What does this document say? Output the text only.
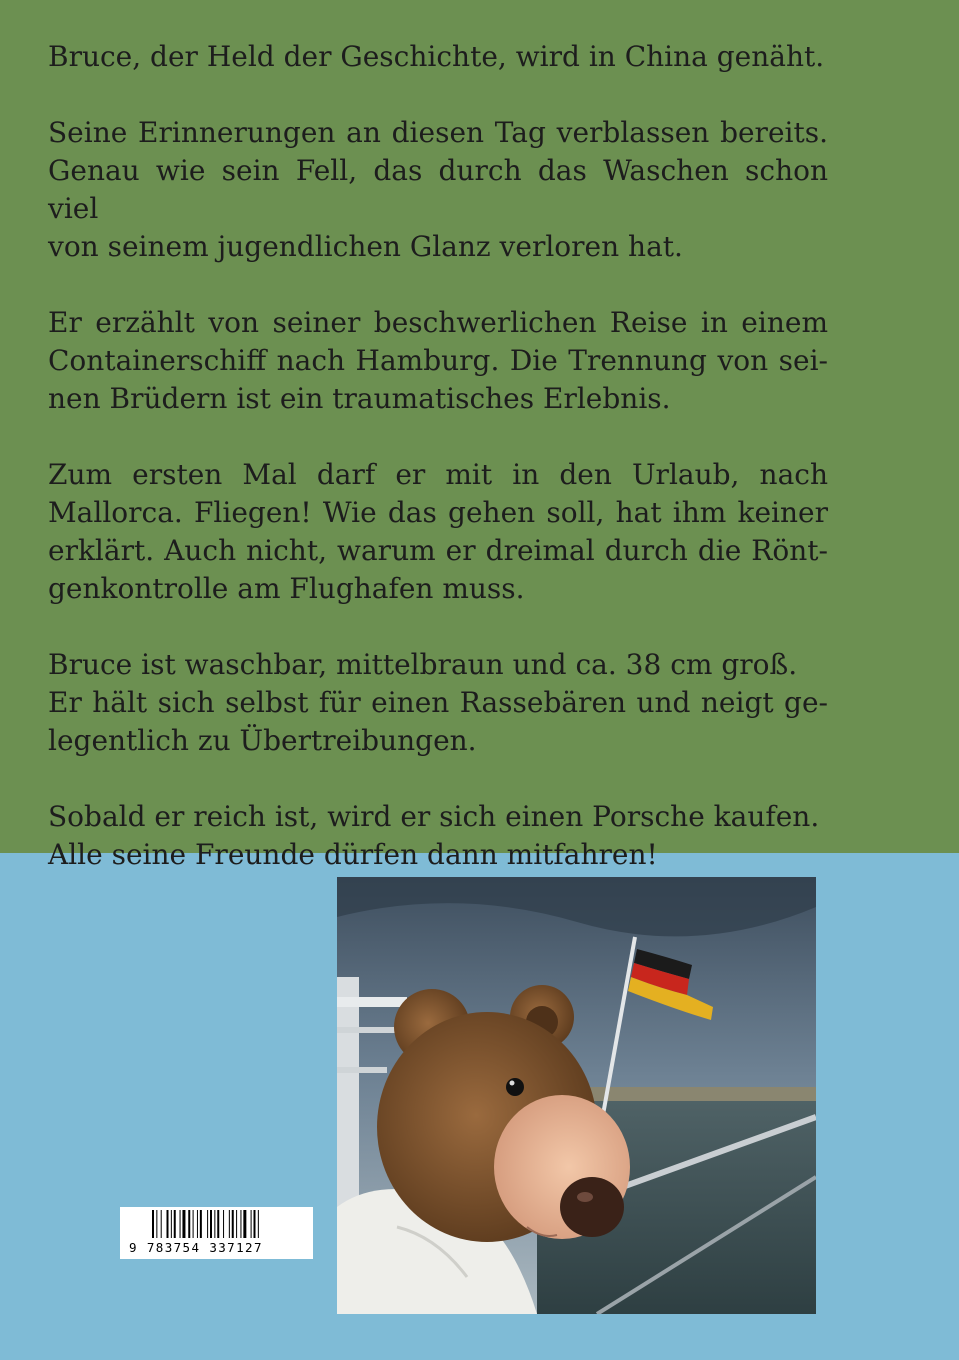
Bruce, der Held der Geschichte, wird in China genäht.

Seine Erinnerungen an diesen Tag verblassen bereits.
Genau wie sein Fell, das durch das Waschen schon viel
von seinem jugendlichen Glanz verloren hat.

Er erzählt von seiner beschwerlichen Reise in einem
Containerschiff nach Hamburg. Die Trennung von sei-
nen Brüdern ist ein traumatisches Erlebnis.

Zum ersten Mal darf er mit in den Urlaub, nach
Mallorca. Fliegen! Wie das gehen soll, hat ihm keiner
erklärt. Auch nicht, warum er dreimal durch die Rönt-
genkontrolle am Flughafen muss.

Bruce ist waschbar, mittelbraun und ca. 38 cm groß.
Er hält sich selbst für einen Rassebären und neigt ge-
legentlich zu Übertreibungen.

Sobald er reich ist, wird er sich einen Porsche kaufen.
Alle seine Freunde dürfen dann mitfahren!

9 783754 337127
